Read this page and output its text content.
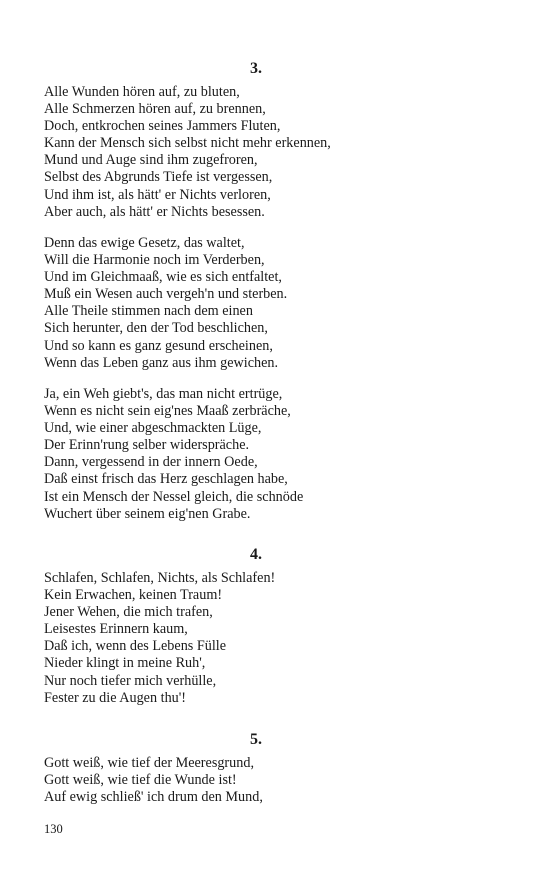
3.
Alle Wunden hören auf, zu bluten,
Alle Schmerzen hören auf, zu brennen,
Doch, entkrochen seines Jammers Fluten,
Kann der Mensch sich selbst nicht mehr erkennen,
Mund und Auge sind ihm zugefroren,
Selbst des Abgrunds Tiefe ist vergessen,
Und ihm ist, als hätt' er Nichts verloren,
Aber auch, als hätt' er Nichts besessen.
Denn das ewige Gesetz, das waltet,
Will die Harmonie noch im Verderben,
Und im Gleichmaaß, wie es sich entfaltet,
Muß ein Wesen auch vergeh'n und sterben.
Alle Theile stimmen nach dem einen
Sich herunter, den der Tod beschlichen,
Und so kann es ganz gesund erscheinen,
Wenn das Leben ganz aus ihm gewichen.
Ja, ein Weh giebt's, das man nicht ertrüge,
Wenn es nicht sein eig'nes Maaß zerbräche,
Und, wie einer abgeschmackten Lüge,
Der Erinn'rung selber widerspräche.
Dann, vergessend in der innern Oede,
Daß einst frisch das Herz geschlagen habe,
Ist ein Mensch der Nessel gleich, die schnöde
Wuchert über seinem eig'nen Grabe.
4.
Schlafen, Schlafen, Nichts, als Schlafen!
Kein Erwachen, keinen Traum!
Jener Wehen, die mich trafen,
Leisestes Erinnern kaum,
Daß ich, wenn des Lebens Fülle
Nieder klingt in meine Ruh',
Nur noch tiefer mich verhülle,
Fester zu die Augen thu'!
5.
Gott weiß, wie tief der Meeresgrund,
Gott weiß, wie tief die Wunde ist!
Auf ewig schließ' ich drum den Mund,
130
